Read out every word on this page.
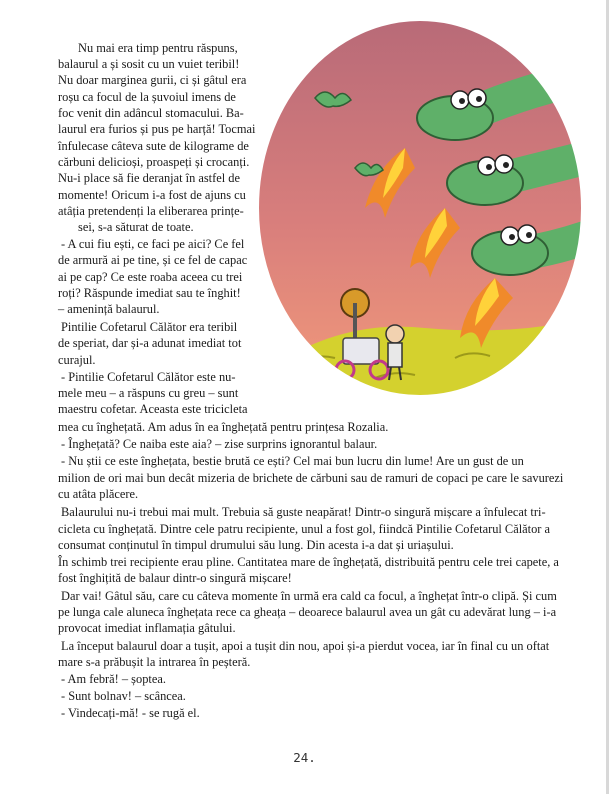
Nu mai era timp pentru răspuns,
balaurul a și sosit cu un vuiet teribil!
Nu doar marginea gurii, ci și gâtul era
roșu ca focul de la șuvoiul imens de
foc venit din adâncul stomacului. Ba-
laurul era furios și pus pe harță! Tocmai
înfulecase câteva sute de kilograme de
cărbuni delicioși, proaspeți și crocanți.
Nu-i place să fie deranjat în astfel de
momente! Oricum i-a fost de ajuns cu
atâția pretendenți la eliberarea prințe-
sei, s-a săturat de toate.
- A cui fiu ești, ce faci pe aici? Ce fel
de armură ai pe tine, și ce fel de capac
ai pe cap? Ce este roaba aceea cu trei
roți? Răspunde imediat sau te înghit!
– amenință balaurul.
Pintilie Cofetarul Călător era teribil
de speriat, dar și-a adunat imediat tot
curajul.
- Pintilie Cofetarul Călător este nu-
mele meu – a răspuns cu greu – sunt
maestru cofetar. Aceasta este tricicleta
mea cu înghețată. Am adus în ea înghețată pentru prințesa Rozalia.
- Înghețată? Ce naiba este aia? – zise surprins ignorantul balaur.
- Nu știi ce este înghețata, bestie brută ce ești? Cel mai bun lucru din lume! Are un gust de un
milion de ori mai bun decât mizeria de brichete de cărbuni sau de ramuri de copaci pe care le savurezi
cu atâta plăcere.
Balaurului nu-i trebui mai mult. Trebuia să guste neapărat! Dintr-o singură mișcare a înfulecat tri-
cicleta cu înghețată. Dintre cele patru recipiente, unul a fost gol, fiindcă Pintilie Cofetarul Călător a
consumat conținutul în timpul drumului său lung. Din acesta i-a dat și uriașului.
În schimb trei recipiente erau pline. Cantitatea mare de înghețată, distribuită pentru cele trei capete, a
fost înghițită de balaur dintr-o singură mișcare!
Dar vai! Gâtul său, care cu câteva momente în urmă era cald ca focul, a înghețat într-o clipă. Și cum
pe lunga cale aluneca înghețata rece ca gheața – deoarece balaurul avea un gât cu adevărat lung – i-a
provocat imediat inflamația gâtului.
La început balaurul doar a tușit, apoi a tușit din nou, apoi și-a pierdut vocea, iar în final cu un oftat
mare s-a prăbușit la intrarea în peșteră.
- Am febră! – șoptea.
- Sunt bolnav! – scâncea.
- Vindecați-mă! - se rugă el.
24.
